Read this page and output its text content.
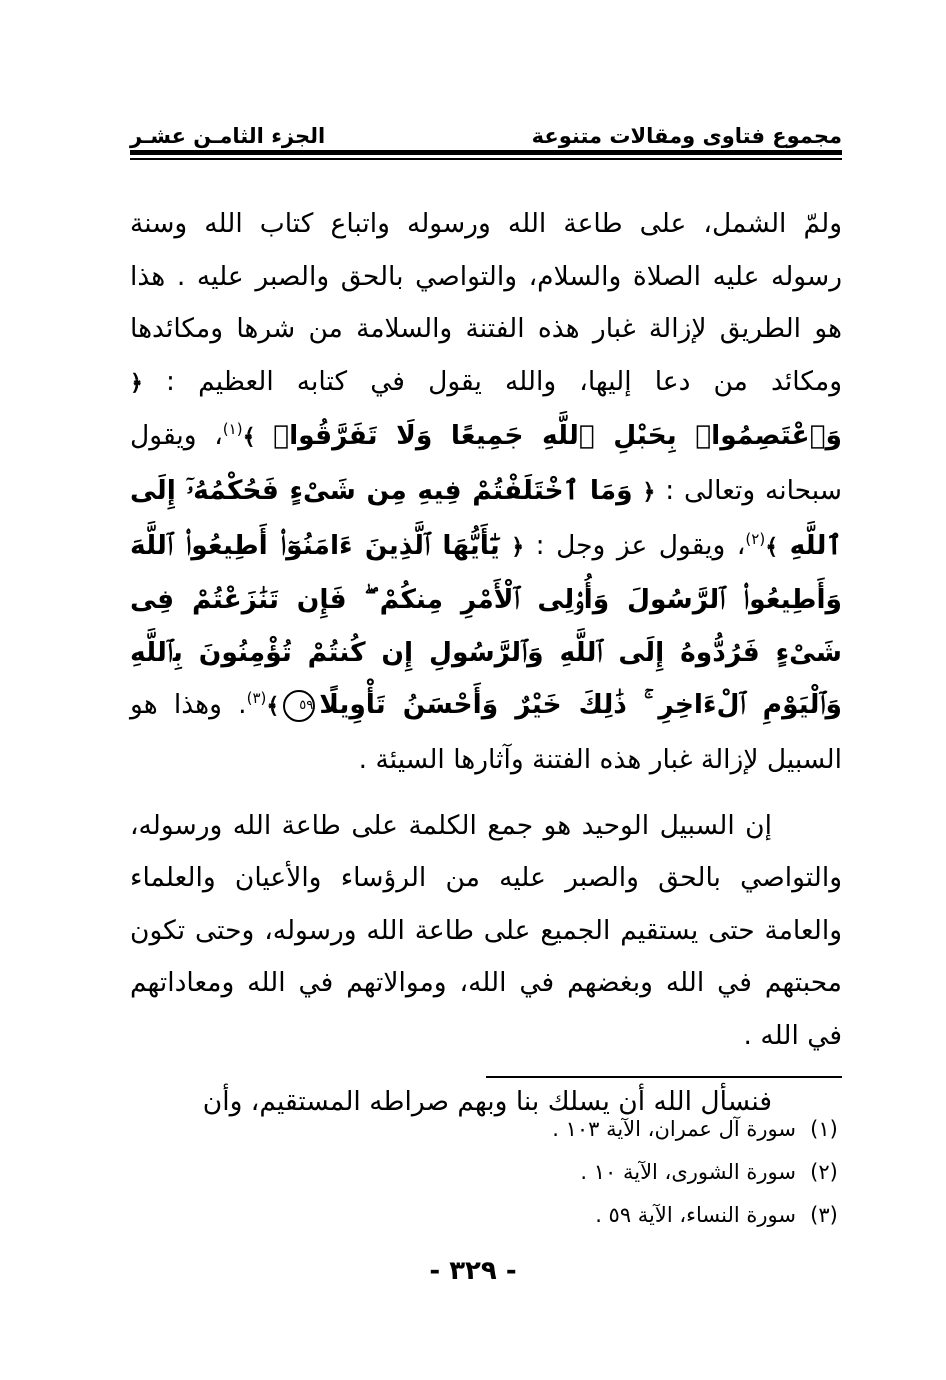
مجموع فتاوى ومقالات متنوعة
الجزء الثامـن عشـر

ولمّ الشمل، على طاعة الله ورسوله واتباع كتاب الله وسنة رسوله عليه الصلاة والسلام، والتواصي بالحق والصبر عليه . هذا هو الطريق لإزالة غبار هذه الفتنة والسلامة من شرها ومكائدها ومكائد من دعا إليها، والله يقول في كتابه العظيم : ﴿ وَٱعْتَصِمُوا۟ بِحَبْلِ ٱللَّهِ جَمِيعًا وَلَا تَفَرَّقُوا۟ ﴾$^{(١)}$، ويقول سبحانه وتعالى : ﴿ وَمَا ٱخْتَلَفْتُمْ فِيهِ مِن شَىْءٍ فَحُكْمُهُۥٓ إِلَى ٱللَّهِ ﴾$^{(٢)}$، ويقول عز وجل : ﴿ يَٰٓأَيُّهَا ٱلَّذِينَ ءَامَنُوٓا۟ أَطِيعُوا۟ ٱللَّهَ وَأَطِيعُوا۟ ٱلرَّسُولَ وَأُو۟لِى ٱلْأَمْرِ مِنكُمْ ۖ فَإِن تَنَٰزَعْتُمْ فِى شَىْءٍ فَرُدُّوهُ إِلَى ٱللَّهِ وَٱلرَّسُولِ إِن كُنتُمْ تُؤْمِنُونَ بِٱللَّهِ وَٱلْيَوْمِ ٱلْءَاخِرِ ۚ ذَٰلِكَ خَيْرٌ وَأَحْسَنُ تَأْوِيلًا٥٩﴾$^{(٣)}$. وهذا هو السبيل لإزالة غبار هذه الفتنة وآثارها السيئة .

إن السبيل الوحيد هو جمع الكلمة على طاعة الله ورسوله، والتواصي بالحق والصبر عليه من الرؤساء والأعيان والعلماء والعامة حتى يستقيم الجميع على طاعة الله ورسوله، وحتى تكون محبتهم في الله وبغضهم في الله، وموالاتهم في الله ومعاداتهم في الله .

فنسأل الله أن يسلك بنا وبهم صراطه المستقيم، وأن

(١)
سورة آل عمران، الآية ١٠٣ .
(٢)
سورة الشورى، الآية ١٠ .
(٣)
سورة النساء، الآية ٥٩ .
- ٣٢٩ -
